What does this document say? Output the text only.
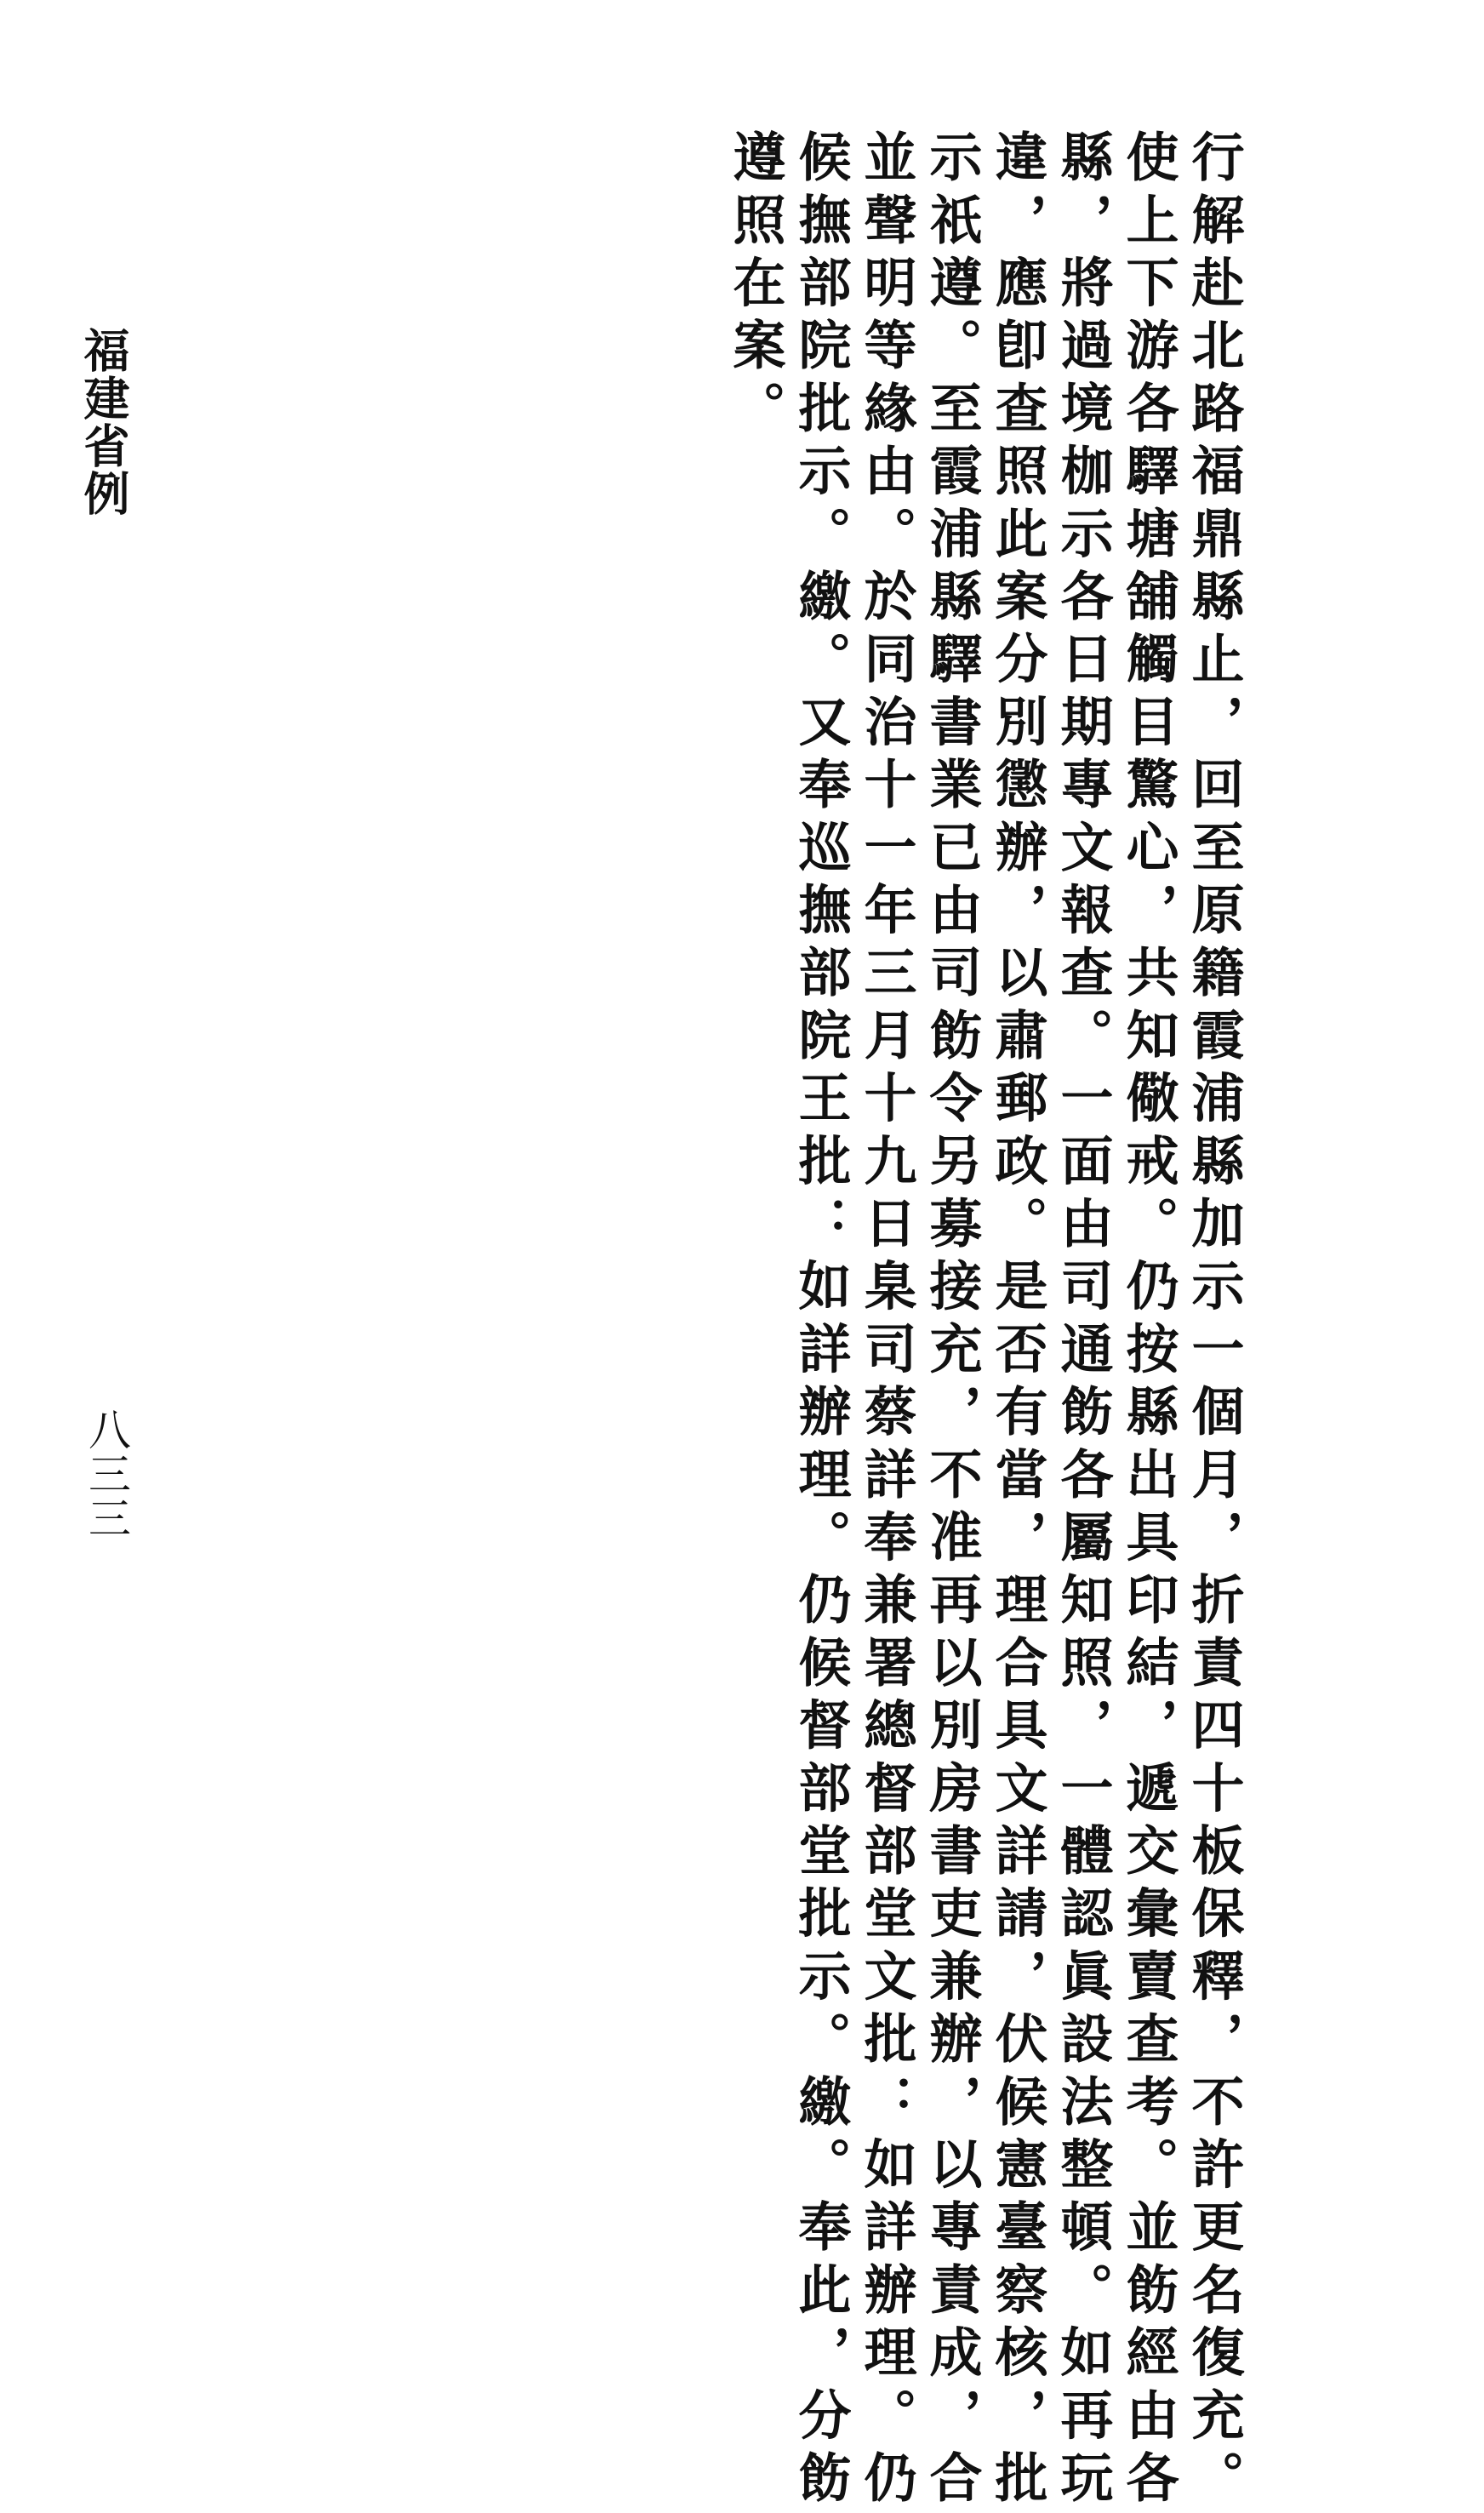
行解赴北路福鼎縣止，回至原籍霞浦縣加示一個月，折責四十板保釋，不許更名復充。
使上下游各驛塘舖觸目驚心，共知儆戒。仍按縣出具印結，遞交彙賣查考。並飭經由各
縣，將過境枷示各日期專文報查。一面由司通飭各屬知照，一體認眞設法整頓。如再玩
違，應卽查照此案分別懲辦，以肅郵政。是否有當，理合具文詳請，伏候憲臺察核，批
示祇遵。至霞浦縣驛書業已由司飭令另募接充，不准再以別房書吏兼辦，以專責成，合
並聲明等緣由。於同治十一年三月十九日臬司蔡詳奉兼署總督部堂文批：如詳辦理。仍
候撫部院批示。繳。又奉巡撫部院王批：如詳辦理。仍候督部堂批示。繳。奉此，分飭
遵照在案。
福建省例
八三三
